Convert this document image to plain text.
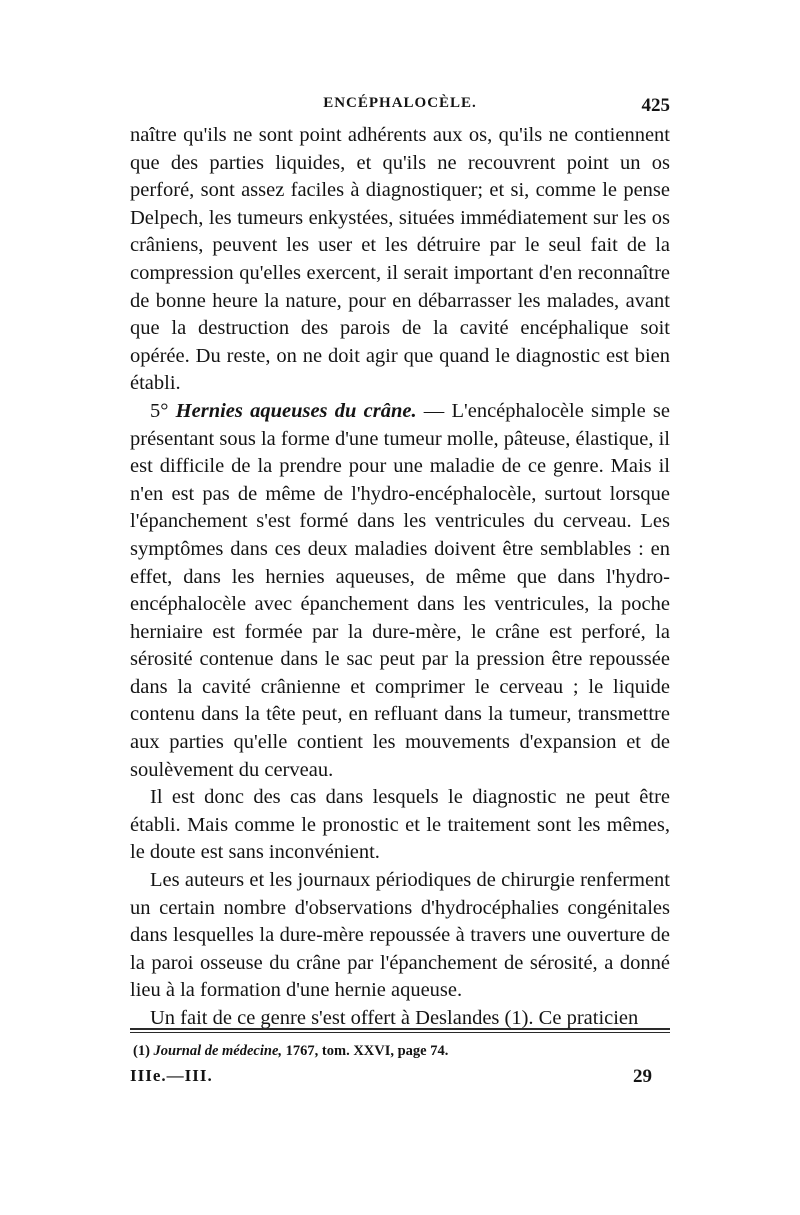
ENCÉPHALOCÈLE.	425

naître qu'ils ne sont point adhérents aux os, qu'ils ne contiennent que des parties liquides, et qu'ils ne recouvrent point un os perforé, sont assez faciles à diagnostiquer; et si, comme le pense Delpech, les tumeurs enkystées, situées immédiatement sur les os crâniens, peuvent les user et les détruire par le seul fait de la compression qu'elles exercent, il serait important d'en reconnaître de bonne heure la nature, pour en débarrasser les malades, avant que la destruction des parois de la cavité encéphalique soit opérée. Du reste, on ne doit agir que quand le diagnostic est bien établi.

5° Hernies aqueuses du crâne. — L'encéphalocèle simple se présentant sous la forme d'une tumeur molle, pâteuse, élastique, il est difficile de la prendre pour une maladie de ce genre. Mais il n'en est pas de même de l'hydro-encéphalocèle, surtout lorsque l'épanchement s'est formé dans les ventricules du cerveau. Les symptômes dans ces deux maladies doivent être semblables : en effet, dans les hernies aqueuses, de même que dans l'hydro-encéphalocèle avec épanchement dans les ventricules, la poche herniaire est formée par la dure-mère, le crâne est perforé, la sérosité contenue dans le sac peut par la pression être repoussée dans la cavité crânienne et comprimer le cerveau ; le liquide contenu dans la tête peut, en refluant dans la tumeur, transmettre aux parties qu'elle contient les mouvements d'expansion et de soulèvement du cerveau.

Il est donc des cas dans lesquels le diagnostic ne peut être établi. Mais comme le pronostic et le traitement sont les mêmes, le doute est sans inconvénient.

Les auteurs et les journaux périodiques de chirurgie renferment un certain nombre d'observations d'hydrocéphalies congénitales dans lesquelles la dure-mère repoussée à travers une ouverture de la paroi osseuse du crâne par l'épanchement de sérosité, a donné lieu à la formation d'une hernie aqueuse.

Un fait de ce genre s'est offert à Deslandes (1). Ce praticien

(1) Journal de médecine, 1767, tom. XXVI, page 74.
IIIe.—III.	29
